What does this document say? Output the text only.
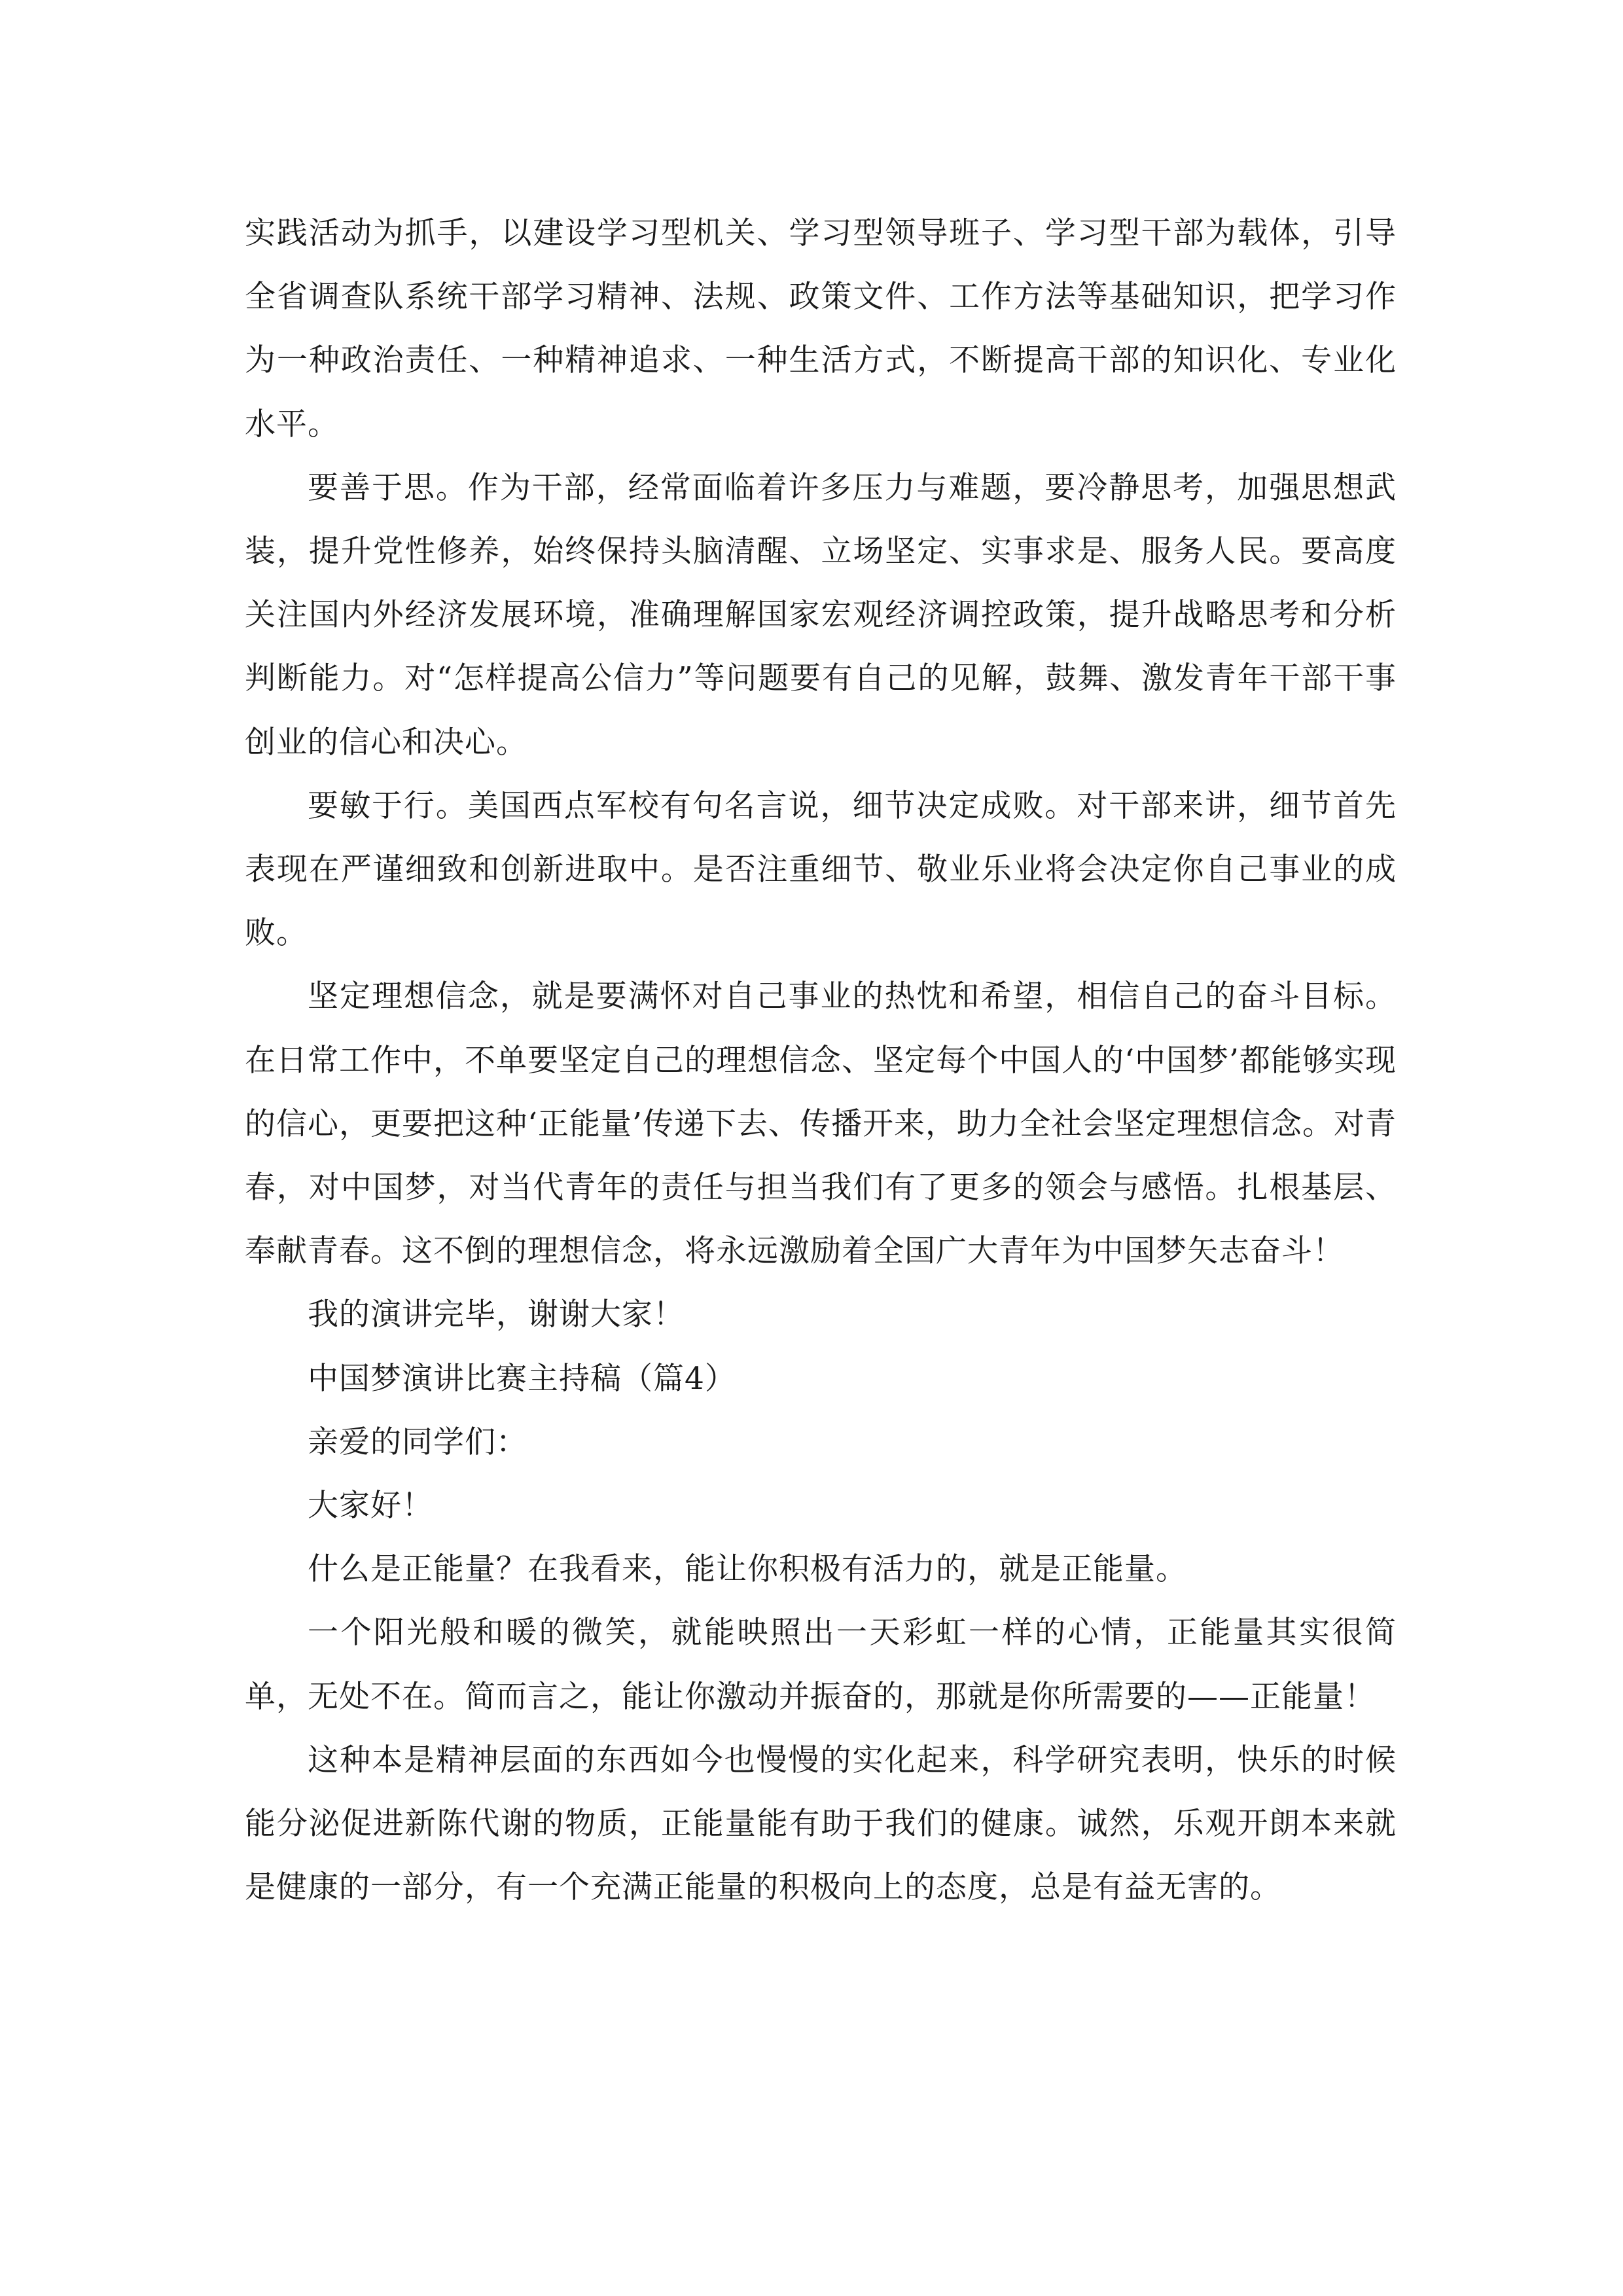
实践活动为抓手，以建设学习型机关、学习型领导班子、学习型干部为载体，引导全省调查队系统干部学习精神、法规、政策文件、工作方法等基础知识，把学习作为一种政治责任、一种精神追求、一种生活方式，不断提高干部的知识化、专业化水平。

要善于思。作为干部，经常面临着许多压力与难题，要冷静思考，加强思想武装，提升党性修养，始终保持头脑清醒、立场坚定、实事求是、服务人民。要高度关注国内外经济发展环境，准确理解国家宏观经济调控政策，提升战略思考和分析判断能力。对“怎样提高公信力”等问题要有自己的见解，鼓舞、激发青年干部干事创业的信心和决心。

要敏于行。美国西点军校有句名言说，细节决定成败。对干部来讲，细节首先表现在严谨细致和创新进取中。是否注重细节、敬业乐业将会决定你自己事业的成败。

坚定理想信念，就是要满怀对自己事业的热忱和希望，相信自己的奋斗目标。在日常工作中，不单要坚定自己的理想信念、坚定每个中国人的‘中国梦’都能够实现的信心，更要把这种‘正能量’传递下去、传播开来，助力全社会坚定理想信念。对青春，对中国梦，对当代青年的责任与担当我们有了更多的领会与感悟。扎根基层、奉献青春。这不倒的理想信念，将永远激励着全国广大青年为中国梦矢志奋斗！

我的演讲完毕，谢谢大家！

中国梦演讲比赛主持稿（篇4）

亲爱的同学们：

大家好！

什么是正能量？在我看来，能让你积极有活力的，就是正能量。

一个阳光般和暖的微笑，就能映照出一天彩虹一样的心情，正能量其实很简单，无处不在。简而言之，能让你激动并振奋的，那就是你所需要的——正能量！

这种本是精神层面的东西如今也慢慢的实化起来，科学研究表明，快乐的时候能分泌促进新陈代谢的物质，正能量能有助于我们的健康。诚然，乐观开朗本来就是健康的一部分，有一个充满正能量的积极向上的态度，总是有益无害的。
